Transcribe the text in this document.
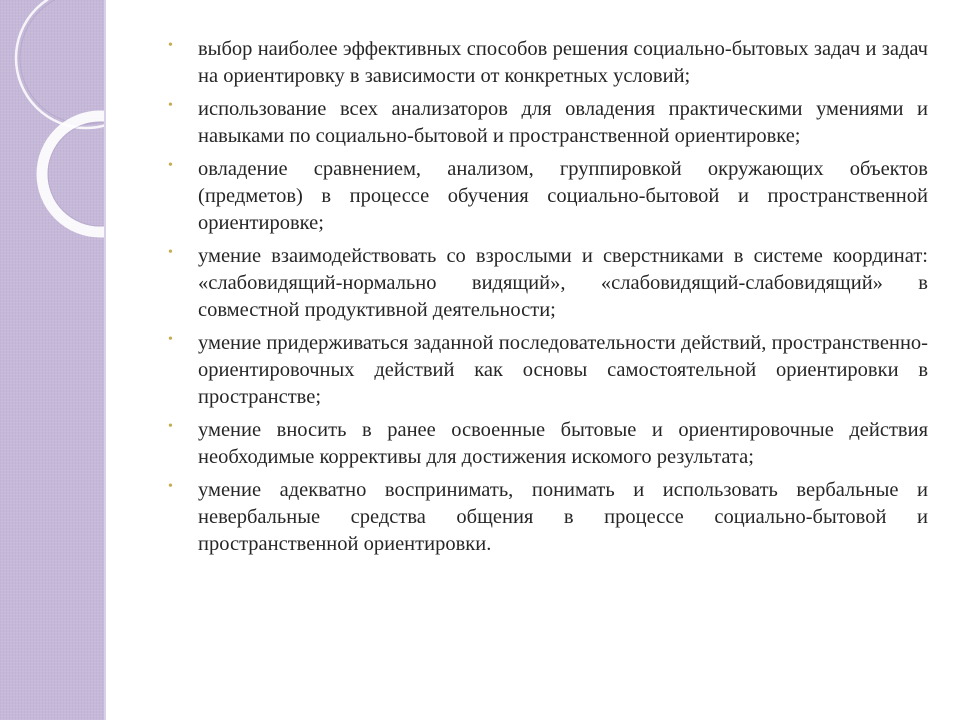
• выбор наиболее эффективных способов решения социально-бытовых задач и задач на ориентировку в зависимости от конкретных условий;
• использование всех анализаторов для овладения практическими умениями и навыками по социально-бытовой и пространственной ориентировке;
• овладение сравнением, анализом, группировкой окружающих объектов (предметов) в процессе обучения социально-бытовой и пространственной ориентировке;
• умение взаимодействовать со взрослыми и сверстниками в системе координат: «слабовидящий-нормально видящий», «слабовидящий-слабовидящий» в совместной продуктивной деятельности;
• умение придерживаться заданной последовательности действий, пространственно-ориентировочных действий как основы самостоятельной ориентировки в пространстве;
• умение вносить в ранее освоенные бытовые и ориентировочные действия необходимые коррективы для достижения искомого результата;
• умение адекватно воспринимать, понимать и использовать вербальные и невербальные средства общения в процессе социально-бытовой и пространственной ориентировки.
